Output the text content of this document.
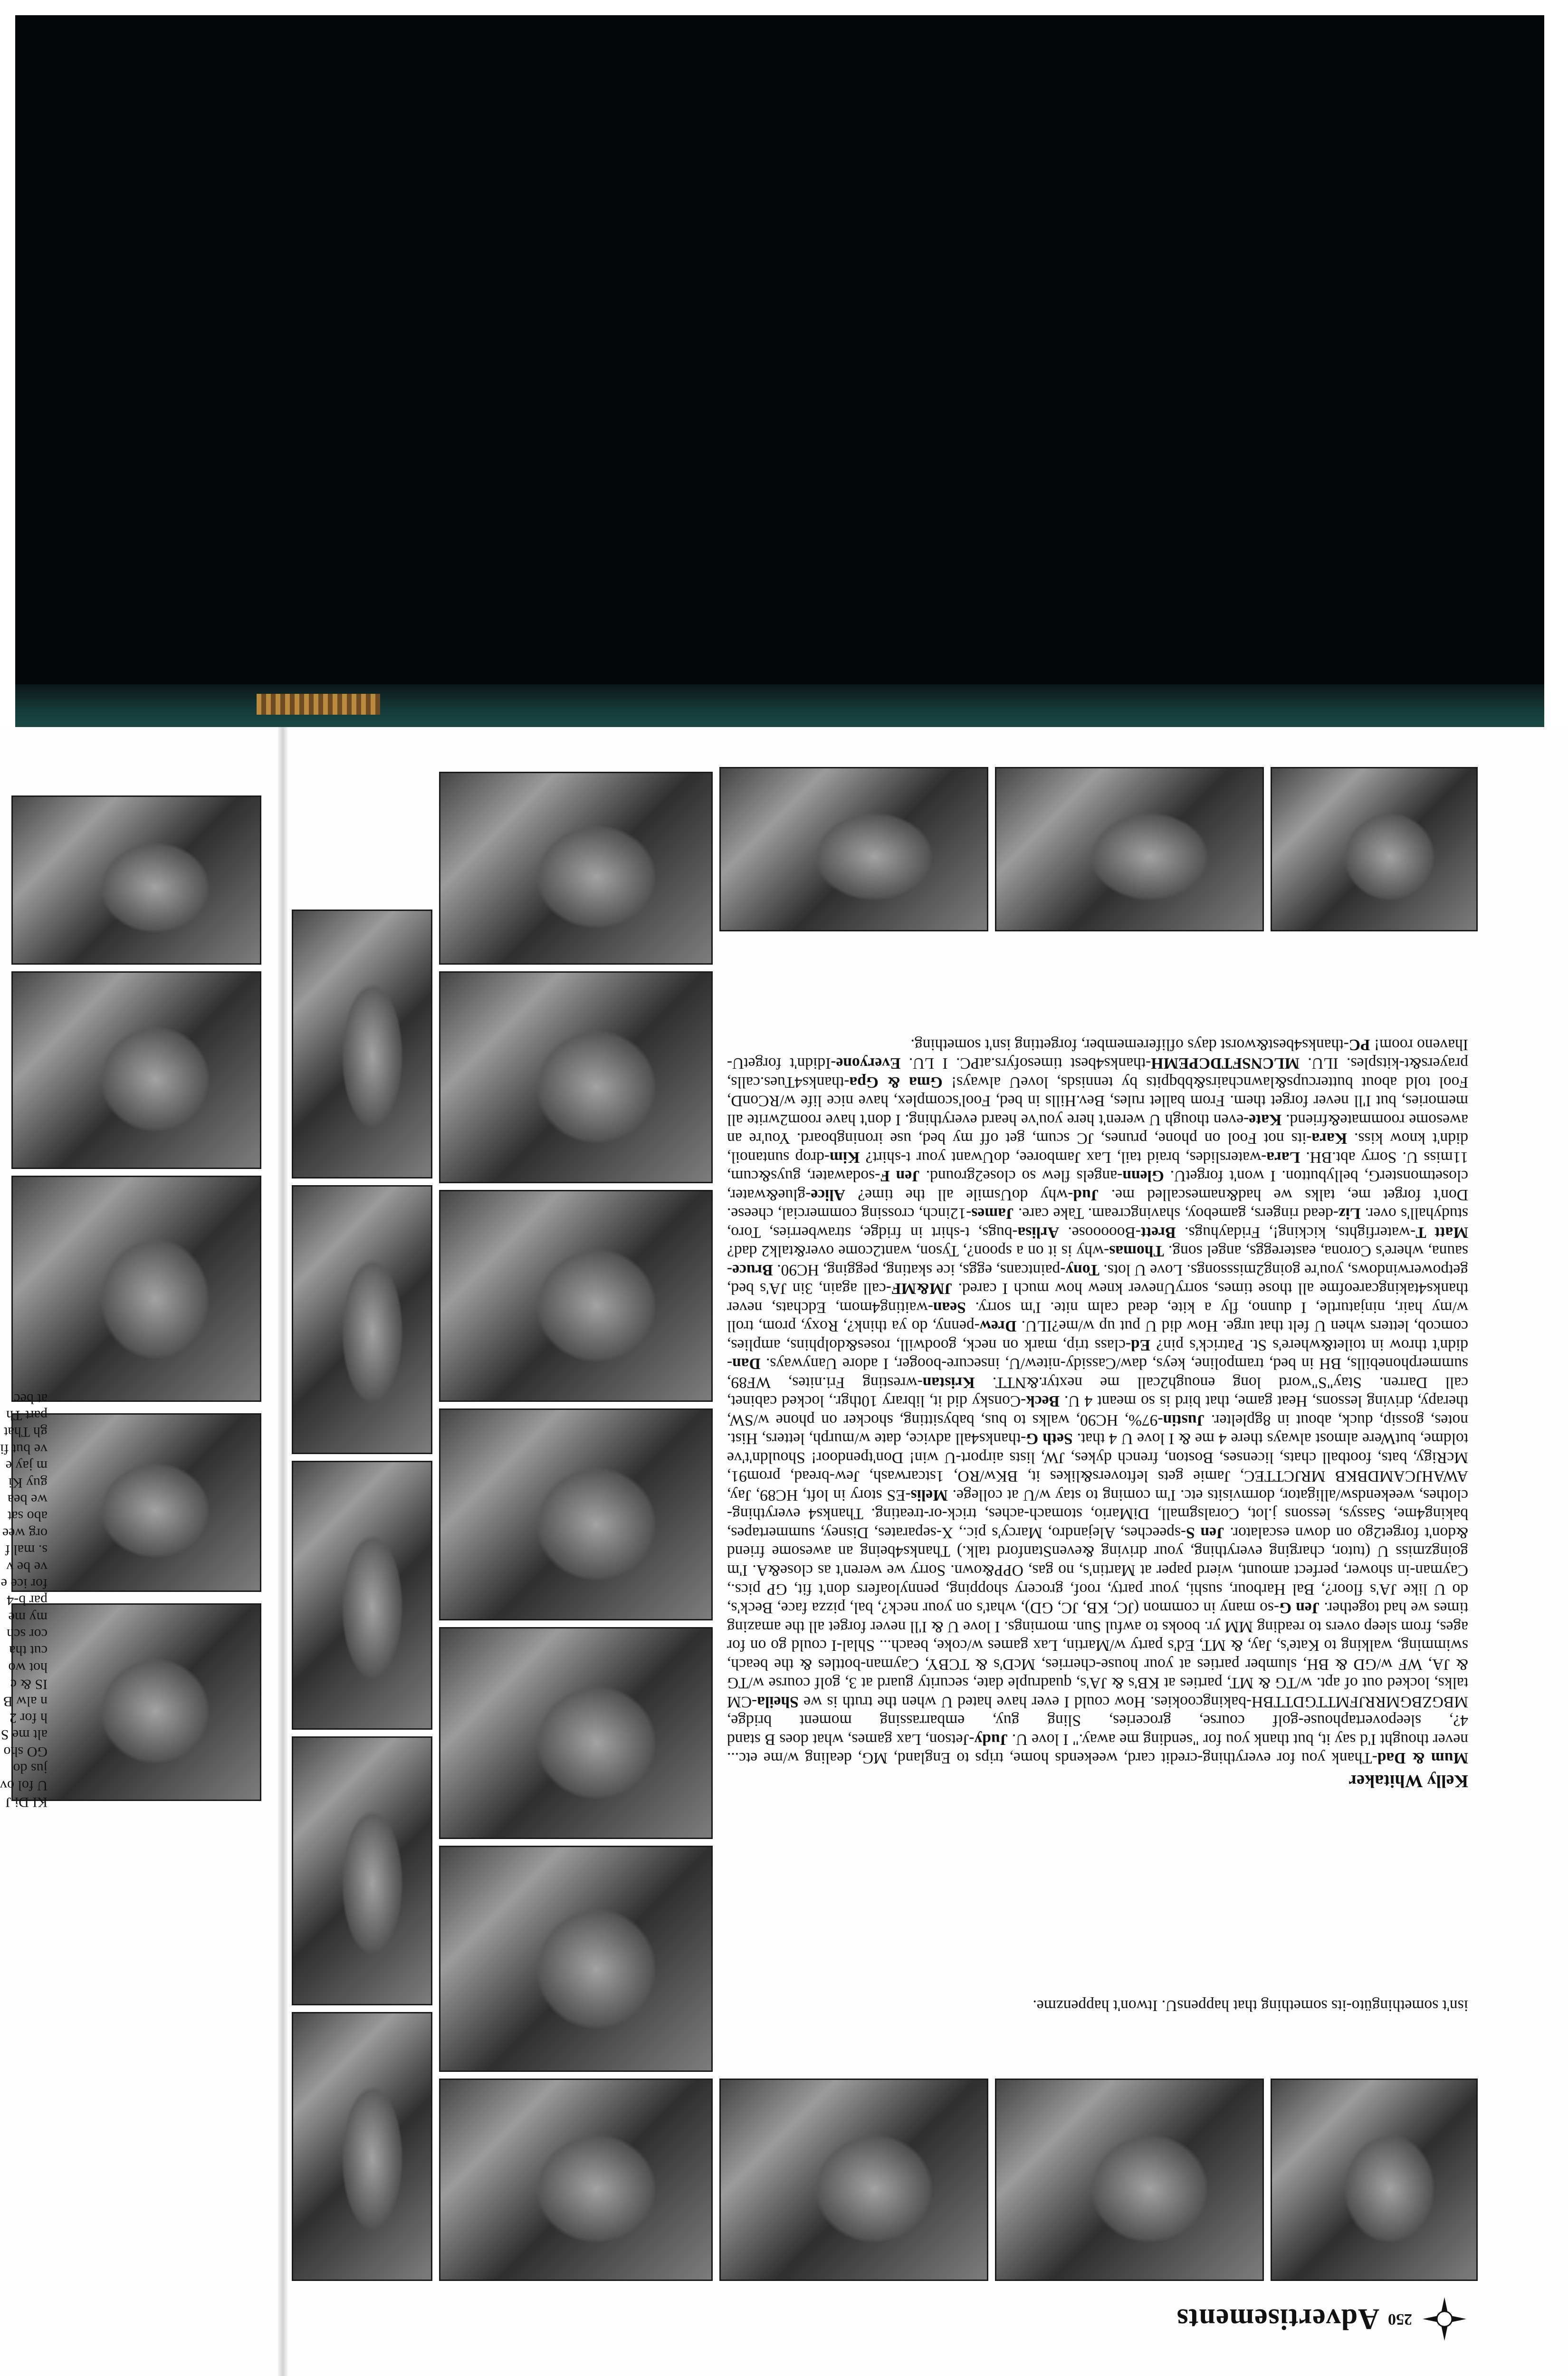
KI Di JU fol ov jus do GO sho alt me Sh for 2 n alw BIS & c hot wo cut tha cor sch my me par b-4 for ice eve be vs. mal forg wee abo sat we bea guy Kim jay eve but figh That part That bec
250
Advertisements
isn't somethingüto-its something that happensU. Itwon't happenzme.
Kelly Whitaker
Mum & Dad-Thank you for everything-credit card, weekends home, trips to England, MG, dealing w/me etc... never thought I'd say it, but thank you for "sending me away." I love U. Judy-Jetson, Lax games, what does B stand 4?, sleepovertaphouse-golf course, groceries, Sling guy, embarrassing moment bridge, MBGZBGMRRJFMTTGDTTBH-bakingcookies. How could I ever have hated U when the truth is we Sheila-CM talks, locked out of apt. w/TG & MT, parties at KB's & JA's, quadruple date, security guard at 3, golf course w/TG & JA, WF w/GD & BH, slumber parties at your house-cherries, McD's & TCBY, Cayman-bottles & the beach, swimming, walking to Kate's, Jay, & MT, Ed's party w/Martin, Lax games w/coke, beach... Shlal-I could go on for ages, from sleep overs to reading MM yr. books to awful Sun. mornings. I love U & I'll never forget all the amazing times we had together. Jen G-so many in common (JC, KB, JC, GD), what's on your neck?, bal, pizza face, Beck's, do U like JA's floor?, Bal Harbour, sushi, your party, roof, grocery shopping, pennyloafers don't fit, GP pics., Cayman-in shower, perfect amount, wierd paper at Martin's, no gas, OPP&own. Sorry we weren't as close&A. I'm goingzmiss U (tutor, charging everything, your driving &evenStanford talk.) Thanks4being an awesome friend &don't forget2go on down escalator. Jen S-speeches, Alejandro, Marcy's pic., X-separates, Disney, summertapes, baking4me, Sassys, lessons j.lot, Coralsgmall, DiMario, stomach-aches, trick-or-treating. Thanks4 everything-clothes, weekendsw/alligator, dormvisits etc. I'm coming to stay w/U at college. Melis-ES story in loft, HC89, Jay, AWAHJCAMDBKB MRJCTTEC, Jamie gets leftovers&likes it, BKw/RO, 1stcarwash, Jew-bread, prom91, McRigy, bats, football chats, licenses, Boston, french dykes, JW, lists airport-U win! Don'tpendoor! Shouldn't've toldme, butWere almost always there 4 me & I love U 4 that. Seth G-thanks4all advice, date w/murph, letters, Hist. notes, gossip, duck, about in 8gplelter. Justin-97%, HC90, walks to bus, babysitting, shocker on phone w/SW, therapy, driving lessons, Heat game, that bird is so meant 4 U. Beck-Consky did it, library 10thgr., locked cabinet, call Darren. Stay"S"word long enough2call me nextyr.&NTT. Kristan-wresting Fri.nites, WF89, summerphonebills, BH in bed, trampoline, keys, daw/Cassidy-nitew/U, insecure-booger, I adore Uanyways. Dan-didn't throw in toilet&where's St. Patrick's pin? Ed-class trip, mark on neck, goodwill, roses&dolphins, amplies, comcob, letters when U felt that urge. How did U put up w/me?ILU. Drew-penny, do ya think?, Roxy, prom, troll w/my hair, ninjaturtle, I dunno, fly a kite, dead calm nite. I'm sorry. Sean-waiting4mom, Edchats, never thanks4takingcareofme all those times, sorryUnever knew how much I cared. JM&MF-call again, 3in JA's bed, getpowerwindows, you're going2misssongs. Love U lots. Tony-paintcans, eggs, ice skating, pegging, HC90. Bruce-sauna, where's Corona, eastereggs, angel song. Thomas-why is it on a spoon?, Tyson, want2come over&talk2 dad? Matt T-waterfights, kicking!, Fridayhugs. Brett-Booooose. Arlisa-bugs, t-shirt in fridge, strawberries, Toro, studyhall's over. Liz-dead ringers, gameboy, shavingcream. Take care. James-12inch, crossing commercial, cheese. Don't forget me, talks we had&namescalled me. Jud-why doUsmile all the time? Alice-glue&water, closetmonsterG, bellybutton. I won't forgetU. Glenn-angels flew so close2ground. Jen F-sodawater, guys&cum, 11miss U. Sorry abt.BH. Lara-waterslides, braid tail, Lax Jamboree, doUwant your t-shirt? Kim-drop suntanoil, didn't know kiss. Kara-its not Fool on phone, prunes, JC scum, get off my bed, use ironingboard. You're an awesome roommate&friend. Kate-even though U weren't here you've heard everything. I don't have room2write all memories, but I'll never forget them. From ballet rules, Bev.Hills in bed, Fool'scomplex, have nice life w/RConD, Fool told about buttercups&lawnchairs&bbqpits by tennisds, loveU always! Gma & Gpa-thanks4Tues.calls, prayers&t-kitsples. ILU. MLCNSFTDCPEMH-thanks4best timesofyrs.atPC. I LU. Everyone-Ididn't forgetU-Ihaveno room! PC-thanks4best&worst days ofliferemember, forgetting isn't something.
